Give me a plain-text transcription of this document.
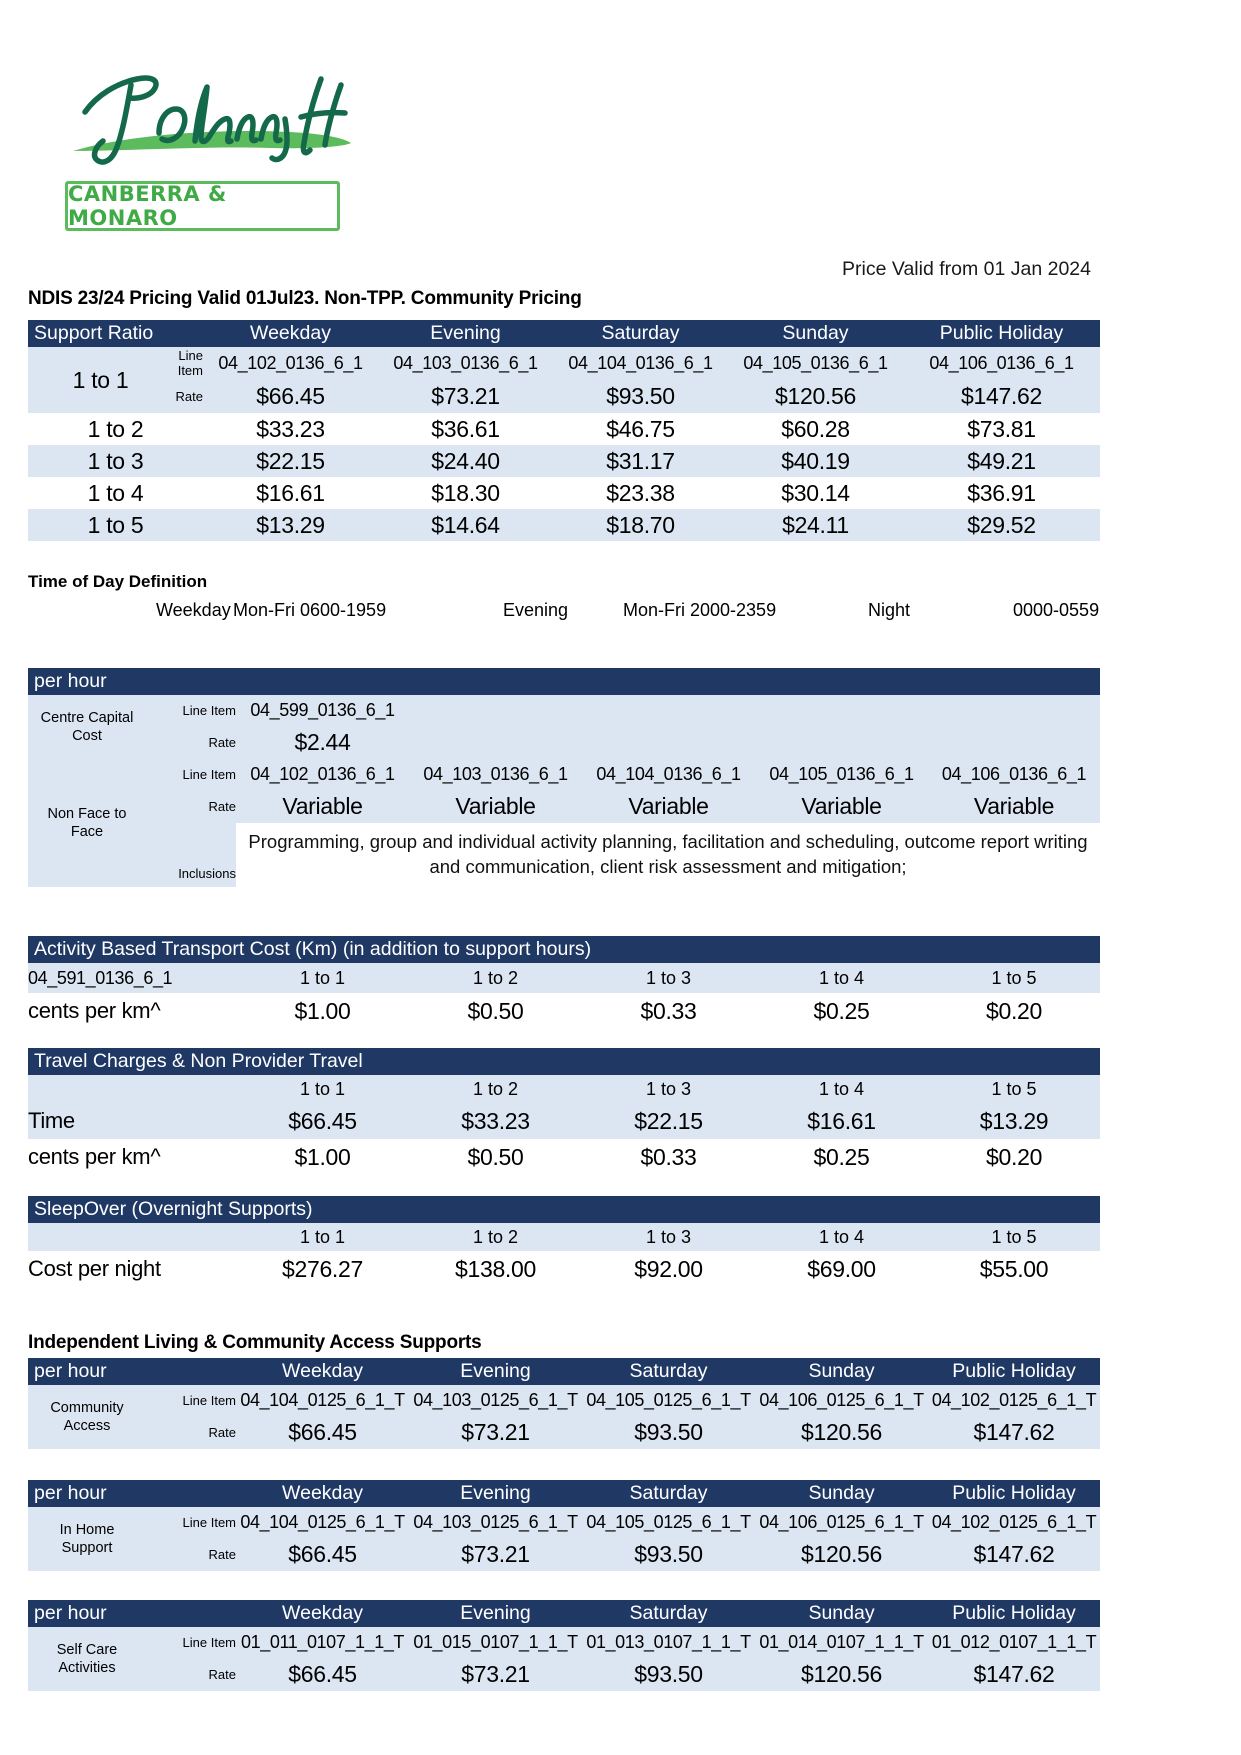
CANBERRA & MONARO
Price Valid from 01 Jan 2024
NDIS 23/24 Pricing Valid 01Jul23. Non-TPP. Community Pricing
Support Ratio		Weekday	Evening	Saturday	Sunday	Public Holiday
1 to 1	Line Item	04_102_0136_6_1	04_103_0136_6_1	04_104_0136_6_1	04_105_0136_6_1	04_106_0136_6_1
	Rate	$66.45	$73.21	$93.50	$120.56	$147.62
1 to 2		$33.23	$36.61	$46.75	$60.28	$73.81
1 to 3		$22.15	$24.40	$31.17	$40.19	$49.21
1 to 4		$16.61	$18.30	$23.38	$30.14	$36.91
1 to 5		$13.29	$14.64	$18.70	$24.11	$29.52
Time of Day Definition
Weekday Mon-Fri 0600-1959	Evening	Mon-Fri 2000-2359	Night	0000-0559
per hour						
Centre Capital
Cost	Line Item	04_599_0136_6_1				
	Rate	$2.44				
Non Face to
Face	Line Item	04_102_0136_6_1	04_103_0136_6_1	04_104_0136_6_1	04_105_0136_6_1	04_106_0136_6_1
	Rate	Variable	Variable	Variable	Variable	Variable
	Inclusions	Programming, group and individual activity planning, facilitation and scheduling, outcome report writing and communication, client risk assessment and mitigation;				
Activity Based Transport Cost (Km) (in addition to support hours)					
04_591_0136_6_1	1 to 1	1 to 2	1 to 3	1 to 4	1 to 5
cents per km^	$1.00	$0.50	$0.33	$0.25	$0.20
Travel Charges & Non Provider Travel					
	1 to 1	1 to 2	1 to 3	1 to 4	1 to 5
Time	$66.45	$33.23	$22.15	$16.61	$13.29
cents per km^	$1.00	$0.50	$0.33	$0.25	$0.20
SleepOver (Overnight Supports)					
	1 to 1	1 to 2	1 to 3	1 to 4	1 to 5
Cost per night	$276.27	$138.00	$92.00	$69.00	$55.00
Independent Living & Community Access Supports
per hour		Weekday	Evening	Saturday	Sunday	Public Holiday
Community
Access	Line Item	04_104_0125_6_1_T	04_103_0125_6_1_T	04_105_0125_6_1_T	04_106_0125_6_1_T	04_102_0125_6_1_T
	Rate	$66.45	$73.21	$93.50	$120.56	$147.62
per hour		Weekday	Evening	Saturday	Sunday	Public Holiday
In Home
Support	Line Item	04_104_0125_6_1_T	04_103_0125_6_1_T	04_105_0125_6_1_T	04_106_0125_6_1_T	04_102_0125_6_1_T
	Rate	$66.45	$73.21	$93.50	$120.56	$147.62
per hour		Weekday	Evening	Saturday	Sunday	Public Holiday
Self Care
Activities	Line Item	01_011_0107_1_1_T	01_015_0107_1_1_T	01_013_0107_1_1_T	01_014_0107_1_1_T	01_012_0107_1_1_T
	Rate	$66.45	$73.21	$93.50	$120.56	$147.62
